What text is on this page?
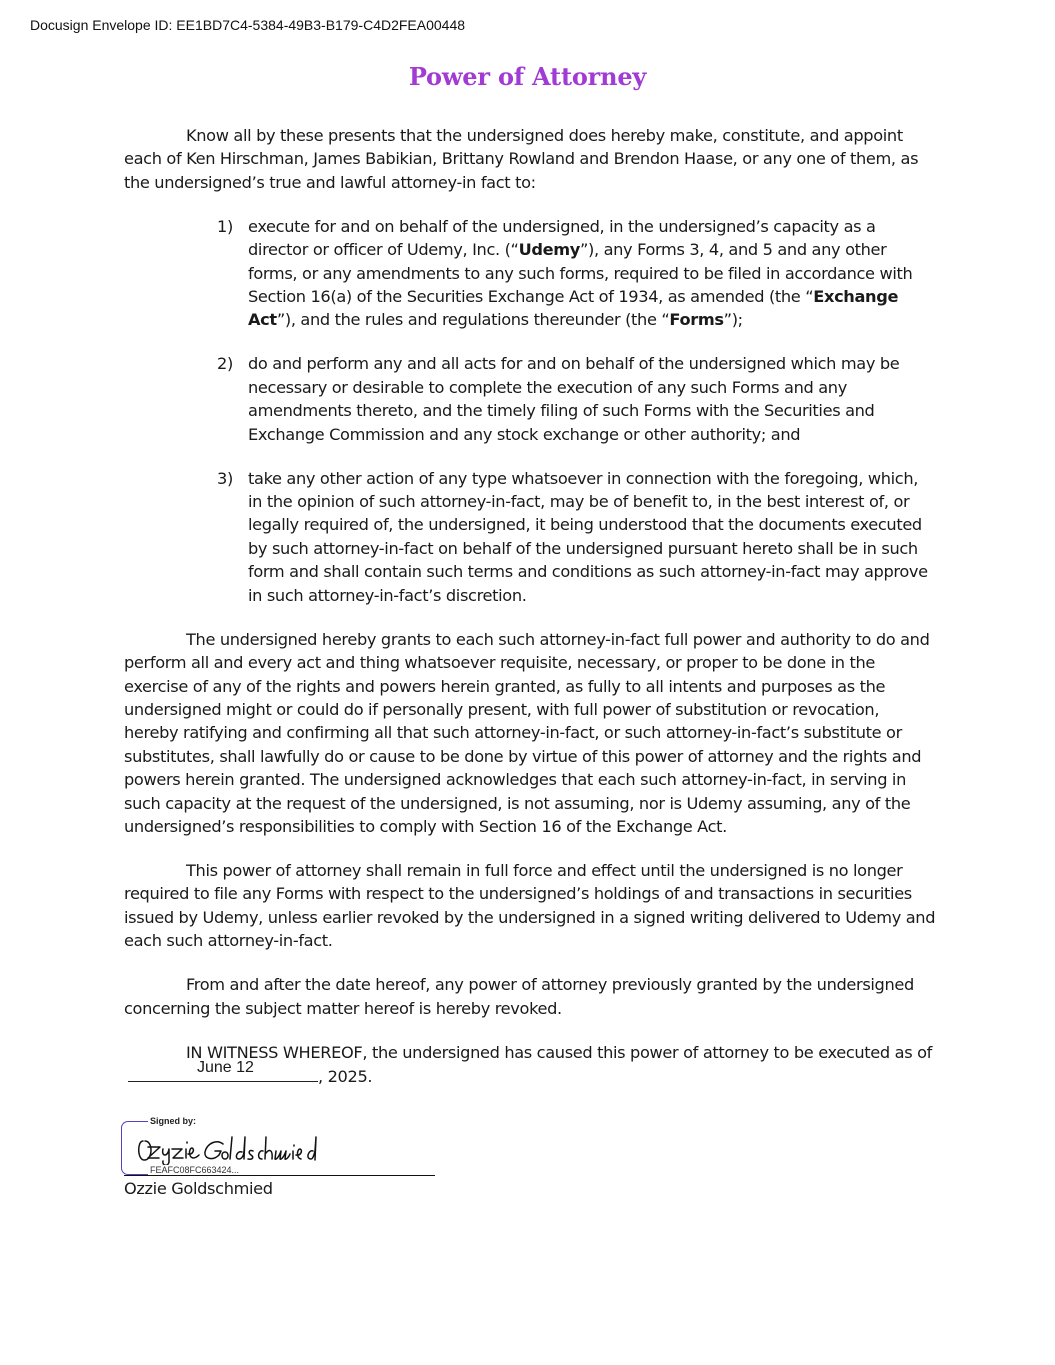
Docusign Envelope ID: EE1BD7C4-5384-49B3-B179-C4D2FEA00448
Power of Attorney

Know all by these presents that the undersigned does hereby make, constitute, and appoint each of Ken Hirschman, James Babikian, Brittany Rowland and Brendon Haase, or any one of them, as the undersigned’s true and lawful attorney-in fact to:

1) execute for and on behalf of the undersigned, in the undersigned’s capacity as a director or officer of Udemy, Inc. (“Udemy”), any Forms 3, 4, and 5 and any other forms, or any amendments to any such forms, required to be filed in accordance with Section 16(a) of the Securities Exchange Act of 1934, as amended (the “Exchange Act”), and the rules and regulations thereunder (the “Forms”);
2) do and perform any and all acts for and on behalf of the undersigned which may be necessary or desirable to complete the execution of any such Forms and any amendments thereto, and the timely filing of such Forms with the Securities and Exchange Commission and any stock exchange or other authority; and
3) take any other action of any type whatsoever in connection with the foregoing, which, in the opinion of such attorney-in-fact, may be of benefit to, in the best interest of, or legally required of, the undersigned, it being understood that the documents executed by such attorney-in-fact on behalf of the undersigned pursuant hereto shall be in such form and shall contain such terms and conditions as such attorney-in-fact may approve in such attorney-in-fact’s discretion.

The undersigned hereby grants to each such attorney-in-fact full power and authority to do and perform all and every act and thing whatsoever requisite, necessary, or proper to be done in the exercise of any of the rights and powers herein granted, as fully to all intents and purposes as the undersigned might or could do if personally present, with full power of substitution or revocation, hereby ratifying and confirming all that such attorney-in-fact, or such attorney-in-fact’s substitute or substitutes, shall lawfully do or cause to be done by virtue of this power of attorney and the rights and powers herein granted. The undersigned acknowledges that each such attorney-in-fact, in serving in such capacity at the request of the undersigned, is not assuming, nor is Udemy assuming, any of the undersigned’s responsibilities to comply with Section 16 of the Exchange Act.

This power of attorney shall remain in full force and effect until the undersigned is no longer required to file any Forms with respect to the undersigned’s holdings of and transactions in securities issued by Udemy, unless earlier revoked by the undersigned in a signed writing delivered to Udemy and each such attorney-in-fact.

From and after the date hereof, any power of attorney previously granted by the undersigned concerning the subject matter hereof is hereby revoked.

IN WITNESS WHEREOF, the undersigned has caused this power of attorney to be executed as of
June 12	, 2025.

Signed by:
FEAFC08FC663424...
Ozzie Goldschmied
